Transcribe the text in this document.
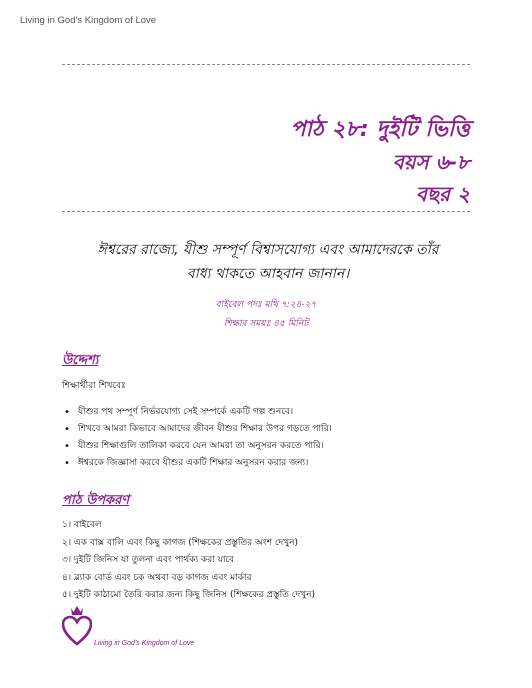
Living in God’s Kingdom of Love
পাঠ ২৮: দুইটি ভিত্তি
বয়স ৬-৮
বছর ২
ঈশ্বরের রাজ্যে, যীশু সম্পূর্ণ বিশ্বাসযোগ্য এবং আমাদেরকে তাঁর বাধ্য থাকতে আহবান জানান।
বাইবেল পদঃ মথি ৭:২৪-২৭
শিক্ষার সময়ঃ ৪৫ মিনিট
উদ্দেশ্য
শিক্ষার্থীরা শিখবেঃ
• যীশুর পথ সম্পূর্ণ নির্ভরযোগ্য সেই সম্পর্কে একটি গল্প শুনবে।
• শিখবে আমরা কিভাবে আমাদের জীবন যীশুর শিক্ষার উপর গড়তে পারি।
• যীশুর শিক্ষাগুলি তালিকা করবে যেন আমরা তা অনুসরন করতে পারি।
• ঈশ্বরকে জিজ্ঞাসা করবে যীশুর একটি শিক্ষার অনুসরন করার জন্য।
পাঠ উপকরণ
১। বাইবেল
২। এক বাক্স বালি এবং কিছু কাগজ (শিক্ষকের প্রস্তুতির অংশ দেখুন)
৩। দুইটি জিনিস যা তুলনা এবং পার্থক্য করা যাবে
৪। ব্ল্যাক বোর্ড এবং চক অথবা বড় কাগজ এবং মার্কার
৫। দুইটি কাঠামো তৈরি করার জন্য কিছু জিনিস (শিক্ষকের প্রস্তুতি দেখুন)
Living in God’s Kingdom of Love
